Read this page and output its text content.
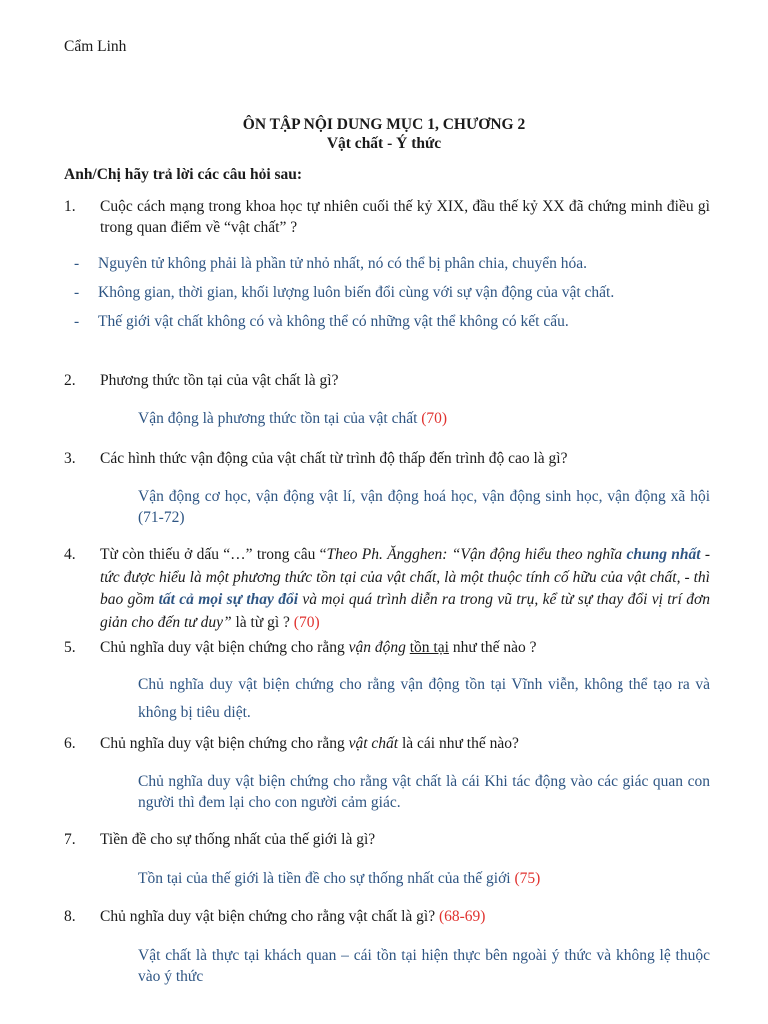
Cẩm Linh
ÔN TẬP NỘI DUNG MỤC 1, CHƯƠNG 2
Vật chất - Ý thức
Anh/Chị hãy trả lời các câu hỏi sau:
1. Cuộc cách mạng trong khoa học tự nhiên cuối thế kỷ XIX, đầu thế kỷ XX đã chứng minh điều gì trong quan điểm về “vật chất” ?
- Nguyên tử không phải là phần tử nhỏ nhất, nó có thể bị phân chia, chuyển hóa.
- Không gian, thời gian, khối lượng luôn biến đổi cùng với sự vận động của vật chất.
- Thế giới vật chất không có và không thể có những vật thể không có kết cấu.
2. Phương thức tồn tại của vật chất là gì?
Vận động là phương thức tồn tại của vật chất (70)
3. Các hình thức vận động của vật chất từ trình độ thấp đến trình độ cao là gì?
Vận động cơ học, vận động vật lí, vận động hoá học, vận động sinh học, vận động xã hội (71-72)
4. Từ còn thiếu ở dấu “…” trong câu “Theo Ph. Ăngghen: “Vận động hiểu theo nghĩa chung nhất - tức được hiểu là một phương thức tồn tại của vật chất, là một thuộc tính cố hữu của vật chất, - thì bao gồm tất cả mọi sự thay đổi và mọi quá trình diễn ra trong vũ trụ, kể từ sự thay đổi vị trí đơn giản cho đến tư duy” là từ gì ? (70)
5. Chủ nghĩa duy vật biện chứng cho rằng vận động tồn tại như thế nào ?
Chủ nghĩa duy vật biện chứng cho rằng vận động tồn tại Vĩnh viễn, không thể tạo ra và không bị tiêu diệt.
6. Chủ nghĩa duy vật biện chứng cho rằng vật chất là cái như thế nào?
Chủ nghĩa duy vật biện chứng cho rằng vật chất là cái Khi tác động vào các giác quan con người thì đem lại cho con người cảm giác.
7. Tiền đề cho sự thống nhất của thế giới là gì?
Tồn tại của thế giới là tiền đề cho sự thống nhất của thế giới (75)
8. Chủ nghĩa duy vật biện chứng cho rằng vật chất là gì? (68-69)
Vật chất là thực tại khách quan – cái tồn tại hiện thực bên ngoài ý thức và không lệ thuộc vào ý thức
